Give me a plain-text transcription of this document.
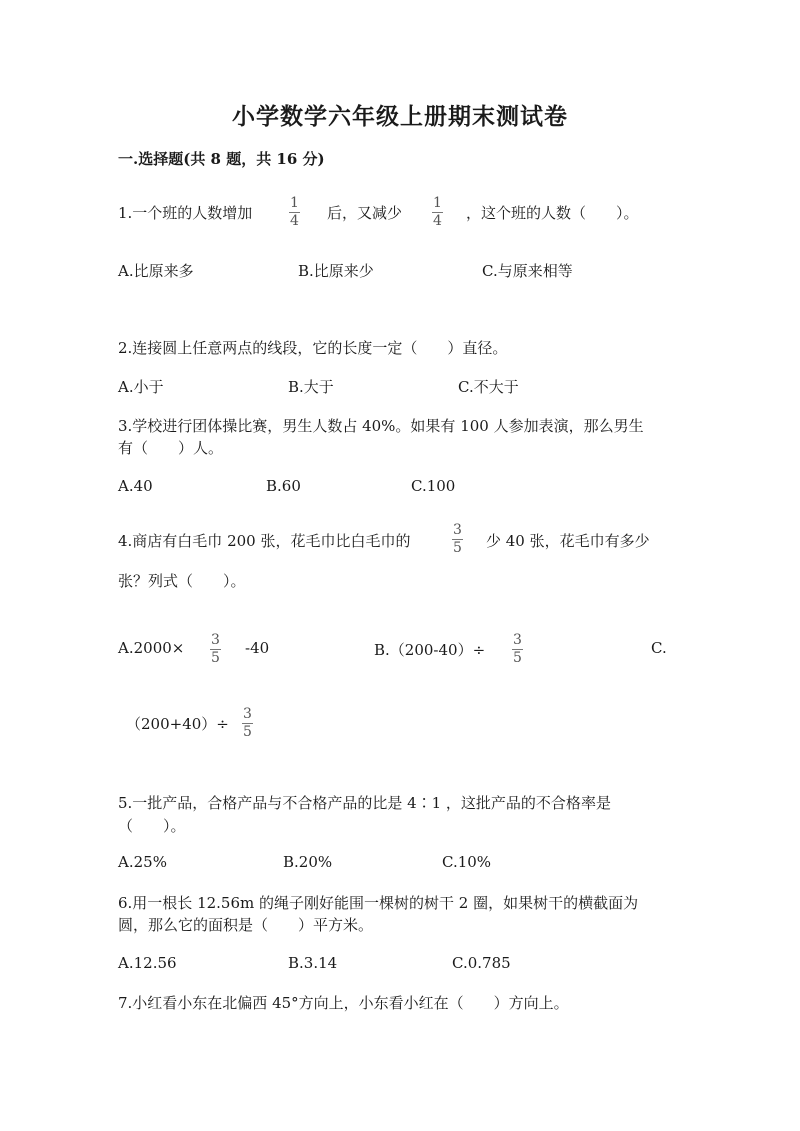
小学数学六年级上册期末测试卷
一.选择题(共 8 题，共 16 分)
1.一个班的人数增加
1
4 后，又减少
1
4 ，这个班的人数（　　）。
A.比原来多	B.比原来少	C.与原来相等
2.连接圆上任意两点的线段，它的长度一定（　　）直径。
A.小于	B.大于	C.不大于
3.学校进行团体操比赛，男生人数占 40%。如果有 100 人参加表演，那么男生
有（　　）人。
A.40	B.60	C.100
4.商店有白毛巾 200 张，花毛巾比白毛巾的
3
5 少 40 张，花毛巾有多少
张？列式（　　）。
A.2000× 3
5
-40	B.（200-40）÷
3
5
C.
（200+40）÷
3
5
5.一批产品，合格产品与不合格产品的比是 4∶1 ，这批产品的不合格率是
（　　）。
A.25%	B.20%	C.10%
6.用一根长 12.56m 的绳子刚好能围一棵树的树干 2 圈，如果树干的横截面为
圆，那么它的面积是（　　）平方米。
A.12.56	B.3.14	C.0.785
7.小红看小东在北偏西 45°方向上，小东看小红在（　　）方向上。
